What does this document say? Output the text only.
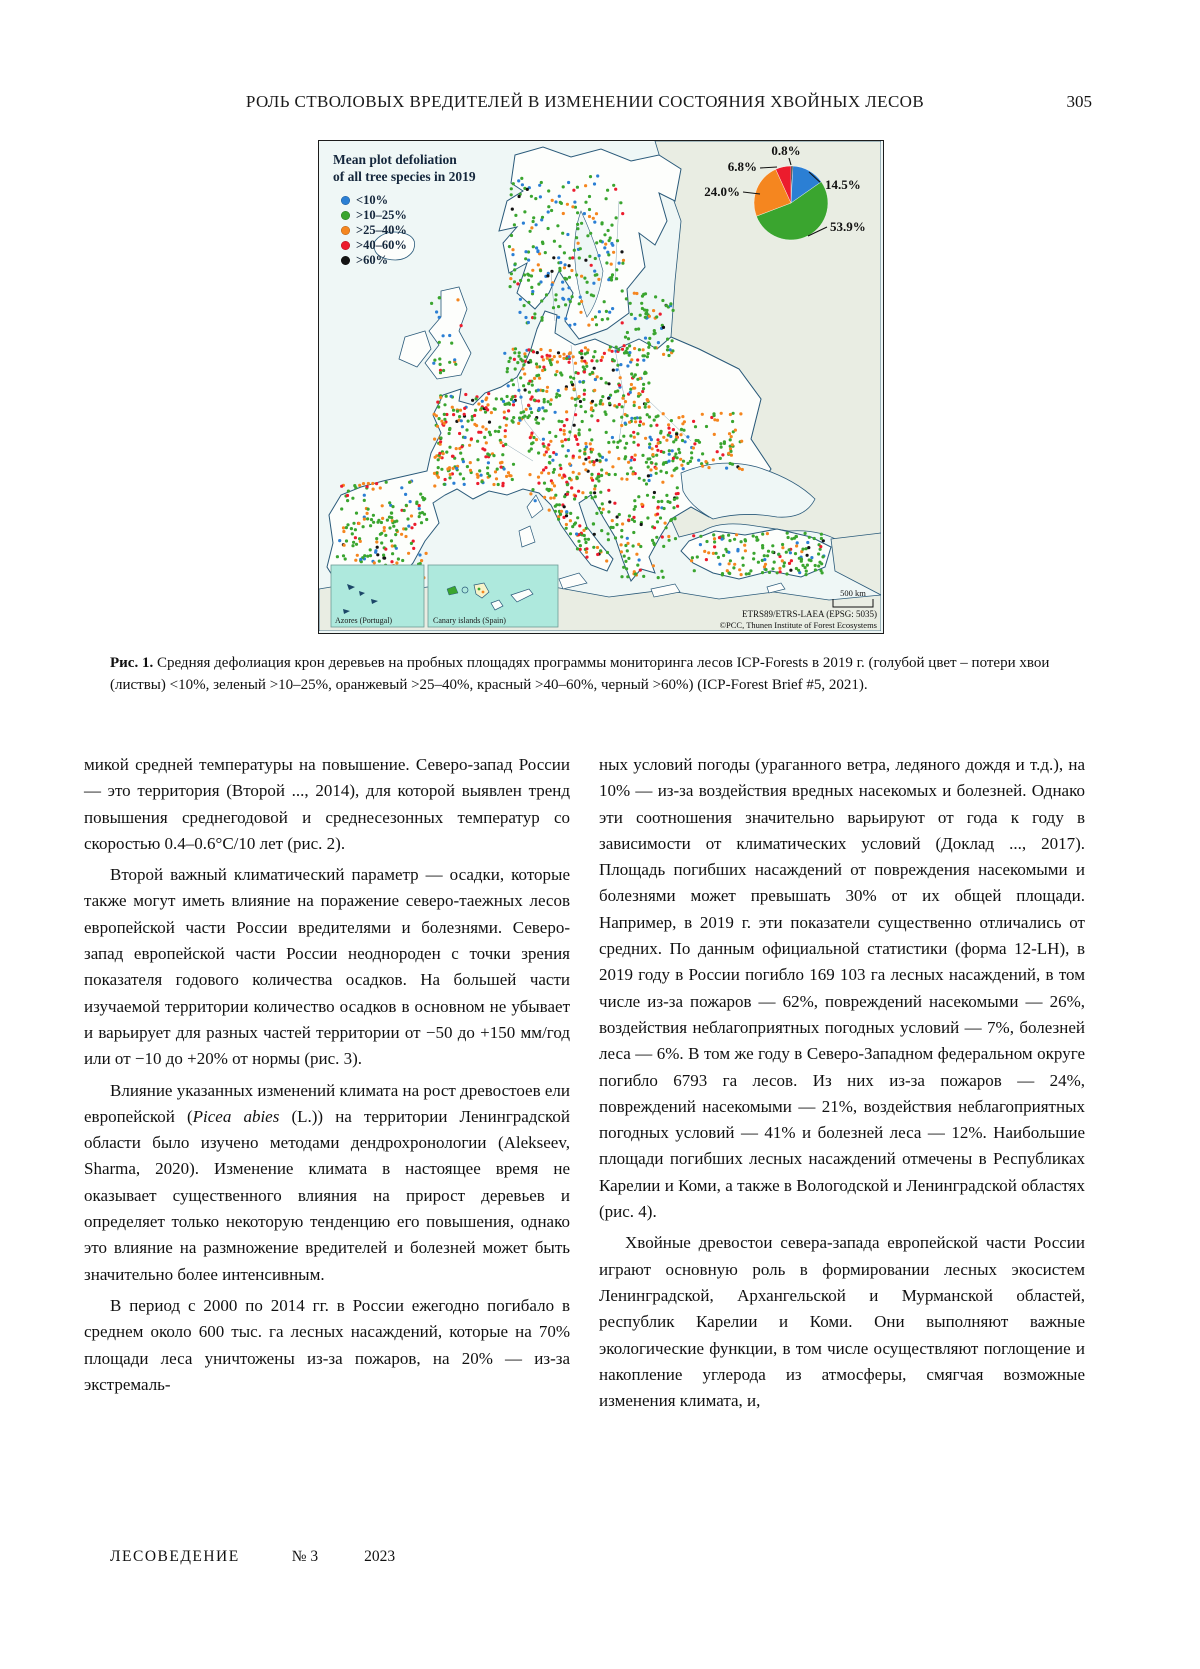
РОЛЬ СТВОЛОВЫХ ВРЕДИТЕЛЕЙ В ИЗМЕНЕНИИ СОСТОЯНИЯ ХВОЙНЫХ ЛЕСОВ	305
Azores (Portugal)	Canary islands (Spain)
500 km
ETRS89/ETRS-LAEA (EPSG: 5035)
©PCC, Thunen Institute of Forest Ecosystems
0.8%
14.5%
53.9%
24.0%
6.8%
Mean plot defoliation
of all tree species in 2019
<10%
>10–25%
>25–40%
>40–60%
>60%
Рис. 1. Средняя дефолиация крон деревьев на пробных площадях программы мониторинга лесов ICP-Forests в 2019 г. (голубой цвет – потери хвои (листвы) <10%, зеленый >10–25%, оранжевый >25–40%, красный >40–60%, черный >60%) (ICP-Forest Brief #5, 2021).

микой средней температуры на повышение. Северо-запад России — это территория (Второй ..., 2014), для которой выявлен тренд повышения среднегодовой и среднесезонных температур со скоростью 0.4–0.6°С/10 лет (рис. 2).

Второй важный климатический параметр — осадки, которые также могут иметь влияние на поражение северо-таежных лесов европейской части России вредителями и болезнями. Северо-запад европейской части России неоднороден с точки зрения показателя годового количества осадков. На большей части изучаемой территории количество осадков в основном не убывает и варьирует для разных частей территории от −50 до +150 мм/год или от −10 до +20% от нормы (рис. 3).

Влияние указанных изменений климата на рост древостоев ели европейской (Picea abies (L.)) на территории Ленинградской области было изучено методами дендрохронологии (Alekseev, Sharma, 2020). Изменение климата в настоящее время не оказывает существенного влияния на прирост деревьев и определяет только некоторую тенденцию его повышения, однако это влияние на размножение вредителей и болезней может быть значительно более интенсивным.

В период с 2000 по 2014 гг. в России ежегодно погибало в среднем около 600 тыс. га лесных насаждений, которые на 70% площади леса уничтожены из-за пожаров, на 20% — из-за экстремаль-

ных условий погоды (ураганного ветра, ледяного дождя и т.д.), на 10% — из-за воздействия вредных насекомых и болезней. Однако эти соотношения значительно варьируют от года к году в зависимости от климатических условий (Доклад ..., 2017). Площадь погибших насаждений от повреждения насекомыми и болезнями может превышать 30% от их общей площади. Например, в 2019 г. эти показатели существенно отличались от средних. По данным официальной статистики (форма 12-LH), в 2019 году в России погибло 169 103 га лесных насаждений, в том числе из-за пожаров — 62%, повреждений насекомыми — 26%, воздействия неблагоприятных погодных условий — 7%, болезней леса — 6%. В том же году в Северо-Западном федеральном округе погибло 6793 га лесов. Из них из-за пожаров — 24%, повреждений насекомыми — 21%, воздействия неблагоприятных погодных условий — 41% и болезней леса — 12%. Наибольшие площади погибших лесных насаждений отмечены в Республиках Карелии и Коми, а также в Вологодской и Ленинградской областях (рис. 4).

Хвойные древостои севера-запада европейской части России играют основную роль в формировании лесных экосистем Ленинградской, Архангельской и Мурманской областей, республик Карелии и Коми. Они выполняют важные экологические функции, в том числе осуществляют поглощение и накопление углерода из атмосферы, смягчая возможные изменения климата, и,

ЛЕСОВЕДЕНИЕ	№ 3	2023
